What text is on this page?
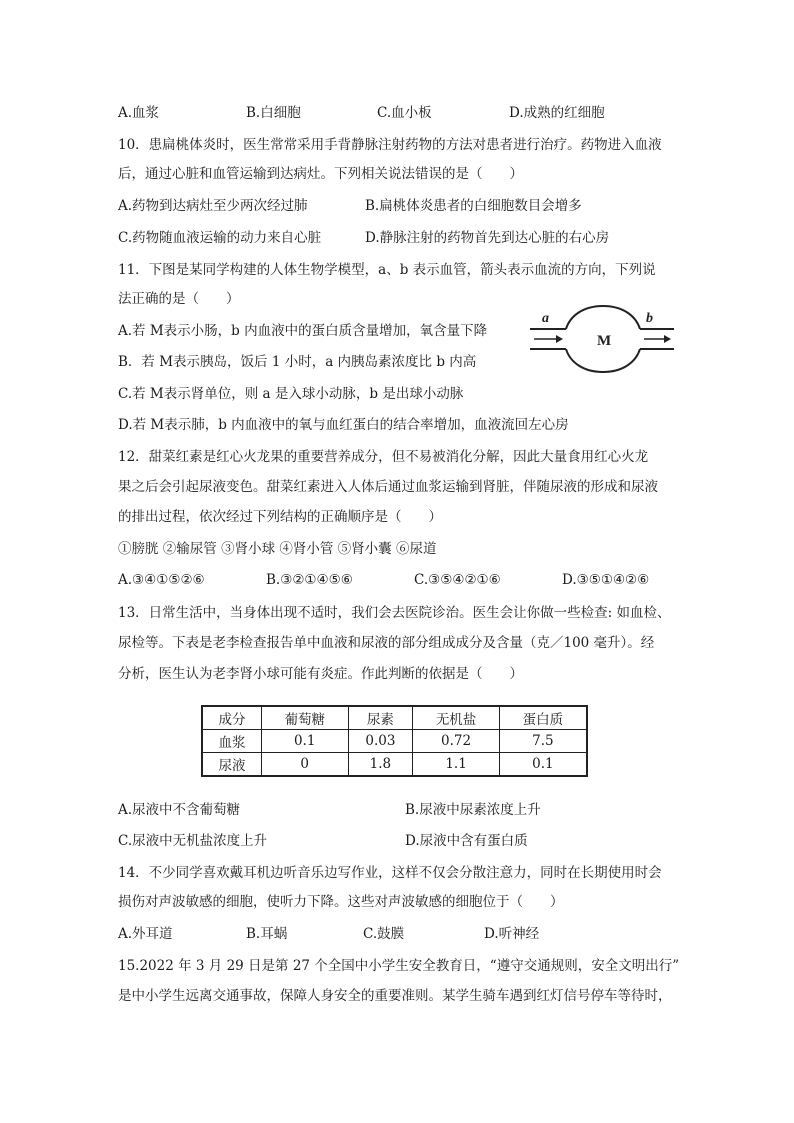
A.血浆	B.白细胞	C.血小板	D.成熟的红细胞
10．患扁桃体炎时，医生常常采用手背静脉注射药物的方法对患者进行治疗。药物进入血液
后，通过心脏和血管运输到达病灶。下列相关说法错误的是（　　）
A.药物到达病灶至少两次经过肺	B.扁桃体炎患者的白细胞数目会增多
C.药物随血液运输的动力来自心脏	D.静脉注射的药物首先到达心脏的右心房
11．下图是某同学构建的人体生物学模型，a、b 表示血管，箭头表示血流的方向，下列说
法正确的是（　　）
A.若 M表示小肠，b 内血液中的蛋白质含量增加，氧含量下降
B．若 M表示胰岛，饭后 1 小时，a 内胰岛素浓度比 b 内高
C.若 M表示肾单位，则 a 是入球小动脉，b 是出球小动脉
D.若 M表示肺，b 内血液中的氧与血红蛋白的结合率增加，血液流回左心房
a	b
M
12．甜菜红素是红心火龙果的重要营养成分，但不易被消化分解，因此大量食用红心火龙
果之后会引起尿液变色。甜菜红素进入人体后通过血浆运输到肾脏，伴随尿液的形成和尿液
的排出过程，依次经过下列结构的正确顺序是（　　）
①膀胱 ②输尿管 ③肾小球 ④肾小管 ⑤肾小囊 ⑥尿道
A.③④①⑤②⑥	B.③②①④⑤⑥	C.③⑤④②①⑥	D.③⑤①④②⑥
13．日常生活中，当身体出现不适时，我们会去医院诊治。医生会让你做一些检查: 如血检、
尿检等。下表是老李检查报告单中血液和尿液的部分组成成分及含量（克／100 毫升）。经
分析，医生认为老李肾小球可能有炎症。作此判断的依据是（　　）
成分	葡萄糖	尿素	无机盐	蛋白质
血浆	0.1	0.03	0.72	7.5
尿液	0	1.8	1.1	0.1
A.尿液中不含葡萄糖	B.尿液中尿素浓度上升
C.尿液中无机盐浓度上升	D.尿液中含有蛋白质
14．不少同学喜欢戴耳机边听音乐边写作业，这样不仅会分散注意力，同时在长期使用时会
损伤对声波敏感的细胞，使听力下降。这些对声波敏感的细胞位于（　　）
A.外耳道	B.耳蜗	C.鼓膜	D.听神经
15.2022 年 3 月 29 日是第 27 个全国中小学生安全教育日，“遵守交通规则，安全文明出行”
是中小学生远离交通事故，保障人身安全的重要准则。某学生骑车遇到红灯信号停车等待时，
